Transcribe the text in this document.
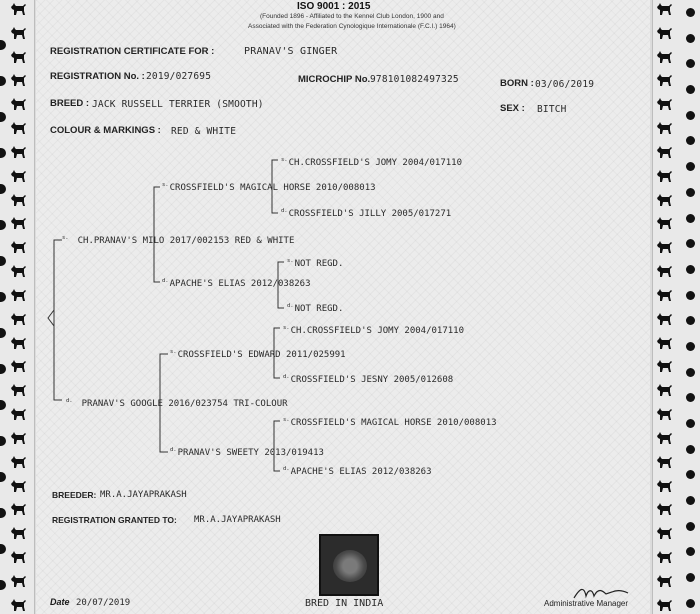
ISO 9001 : 2015
(Founded 1896 - Affiliated to the Kennel Club London, 1900 and
Associated with the Federation Cynologique Internationale (F.C.I.) 1964)
REGISTRATION CERTIFICATE FOR :	PRANAV'S GINGER
REGISTRATION No. : 2019/027695	MICROCHIP No. 978101082497325	BORN : 03/06/2019
BREED : JACK RUSSELL TERRIER (SMOOTH)	SEX : BITCH
COLOUR & MARKINGS : RED & WHITE
$^{s.}$CH.CROSSFIELD'S JOMY 2004/017110
$^{s.}$CROSSFIELD'S MAGICAL HORSE 2010/008013
$^{d.}$CROSSFIELD'S JILLY 2005/017271
$^{s.}$ CH.PRANAV'S MILO 2017/002153 RED & WHITE
$^{s.}$NOT REGD.
$^{d.}$APACHE'S ELIAS 2012/038263
$^{d.}$NOT REGD.
$^{s.}$CH.CROSSFIELD'S JOMY 2004/017110
$^{s.}$CROSSFIELD'S EDWARD 2011/025991
$^{d.}$CROSSFIELD'S JESNY 2005/012608
$^{d.}$ PRANAV'S GOOGLE 2016/023754 TRI-COLOUR
$^{s.}$CROSSFIELD'S MAGICAL HORSE 2010/008013
$^{d.}$PRANAV'S SWEETY 2013/019413
$^{d.}$APACHE'S ELIAS 2012/038263
BREEDER: MR.A.JAYAPRAKASH
REGISTRATION GRANTED TO: MR.A.JAYAPRAKASH
Date 20/07/2019	BRED IN INDIA	Administrative Manager
